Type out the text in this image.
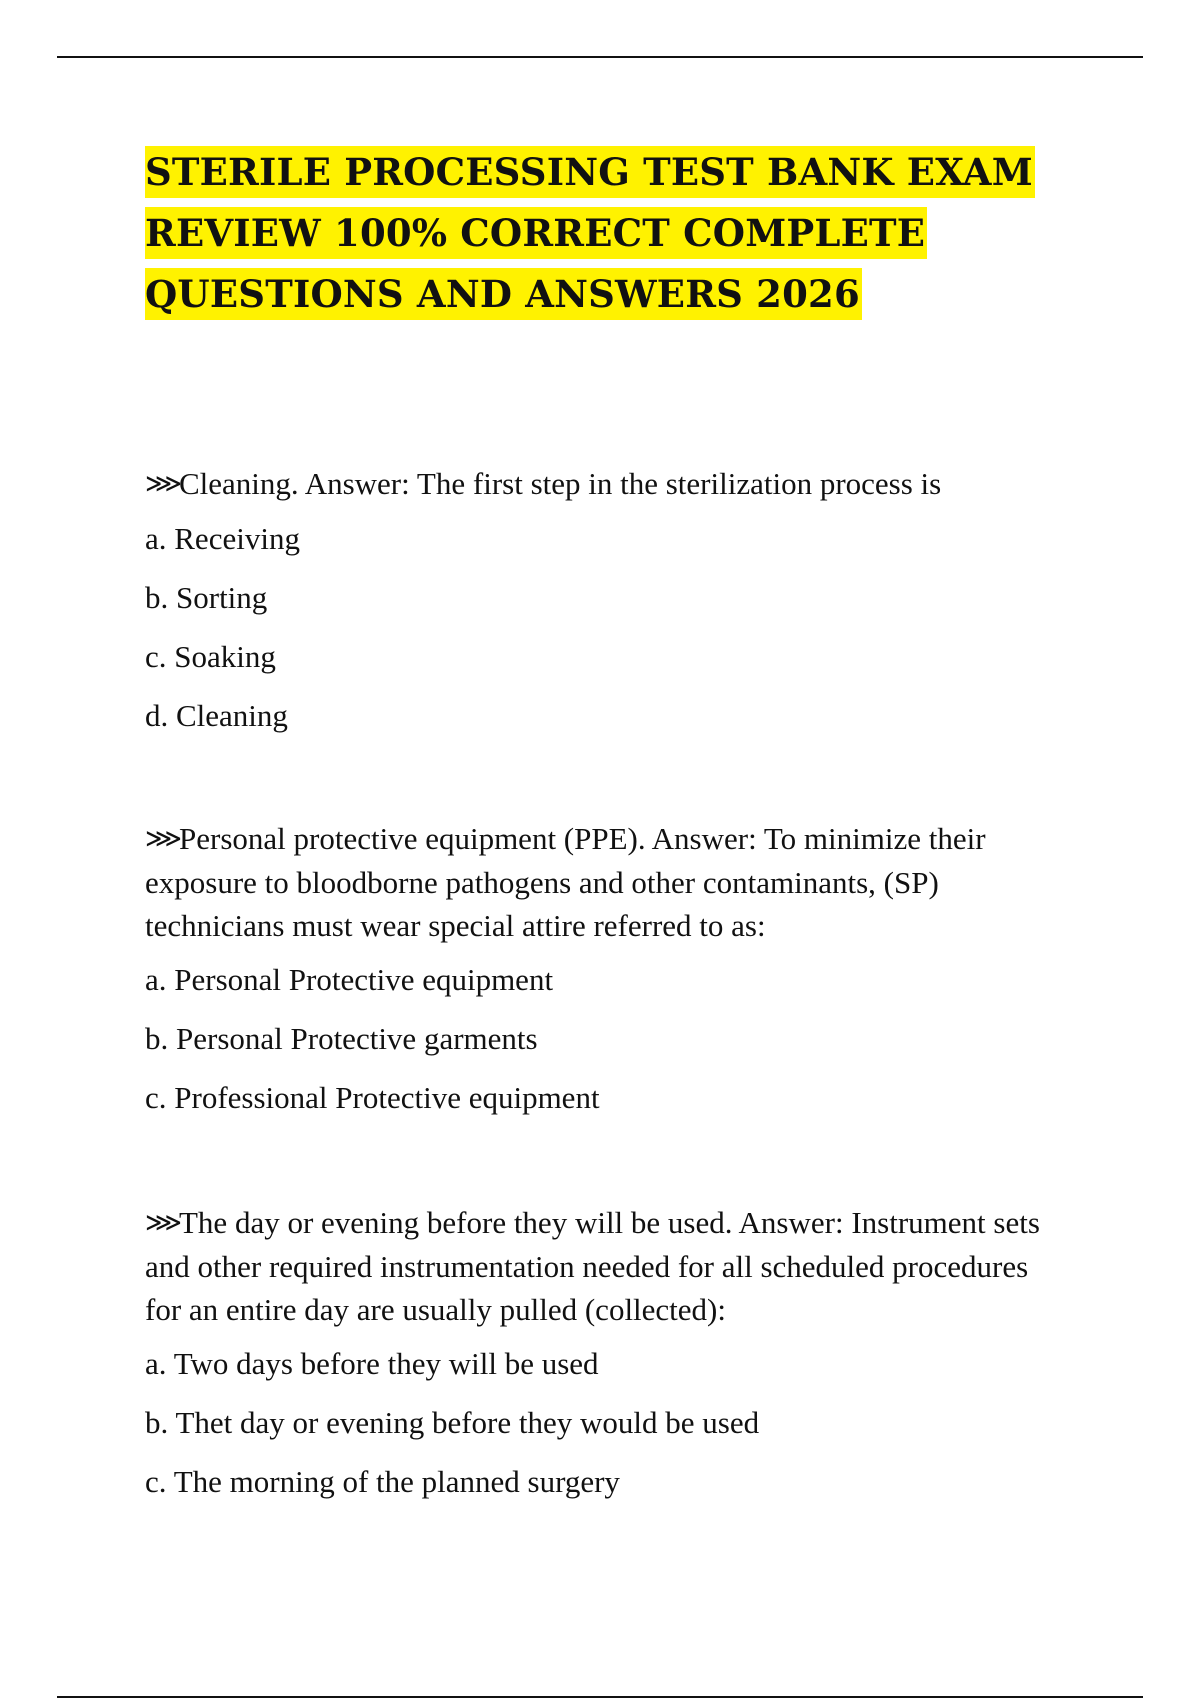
STERILE PROCESSING TEST BANK EXAM
REVIEW 100% CORRECT COMPLETE
QUESTIONS AND ANSWERS 2026

⋙Cleaning. Answer: The first step in the sterilization process is

a. Receiving

b. Sorting

c. Soaking

d. Cleaning

⋙Personal protective equipment (PPE). Answer: To minimize their exposure to bloodborne pathogens and other contaminants, (SP) technicians must wear special attire referred to as:

a. Personal Protective equipment

b. Personal Protective garments

c. Professional Protective equipment

⋙The day or evening before they will be used. Answer: Instrument sets and other required instrumentation needed for all scheduled procedures for an entire day are usually pulled (collected):

a. Two days before they will be used

b. Thet day or evening before they would be used

c. The morning of the planned surgery
